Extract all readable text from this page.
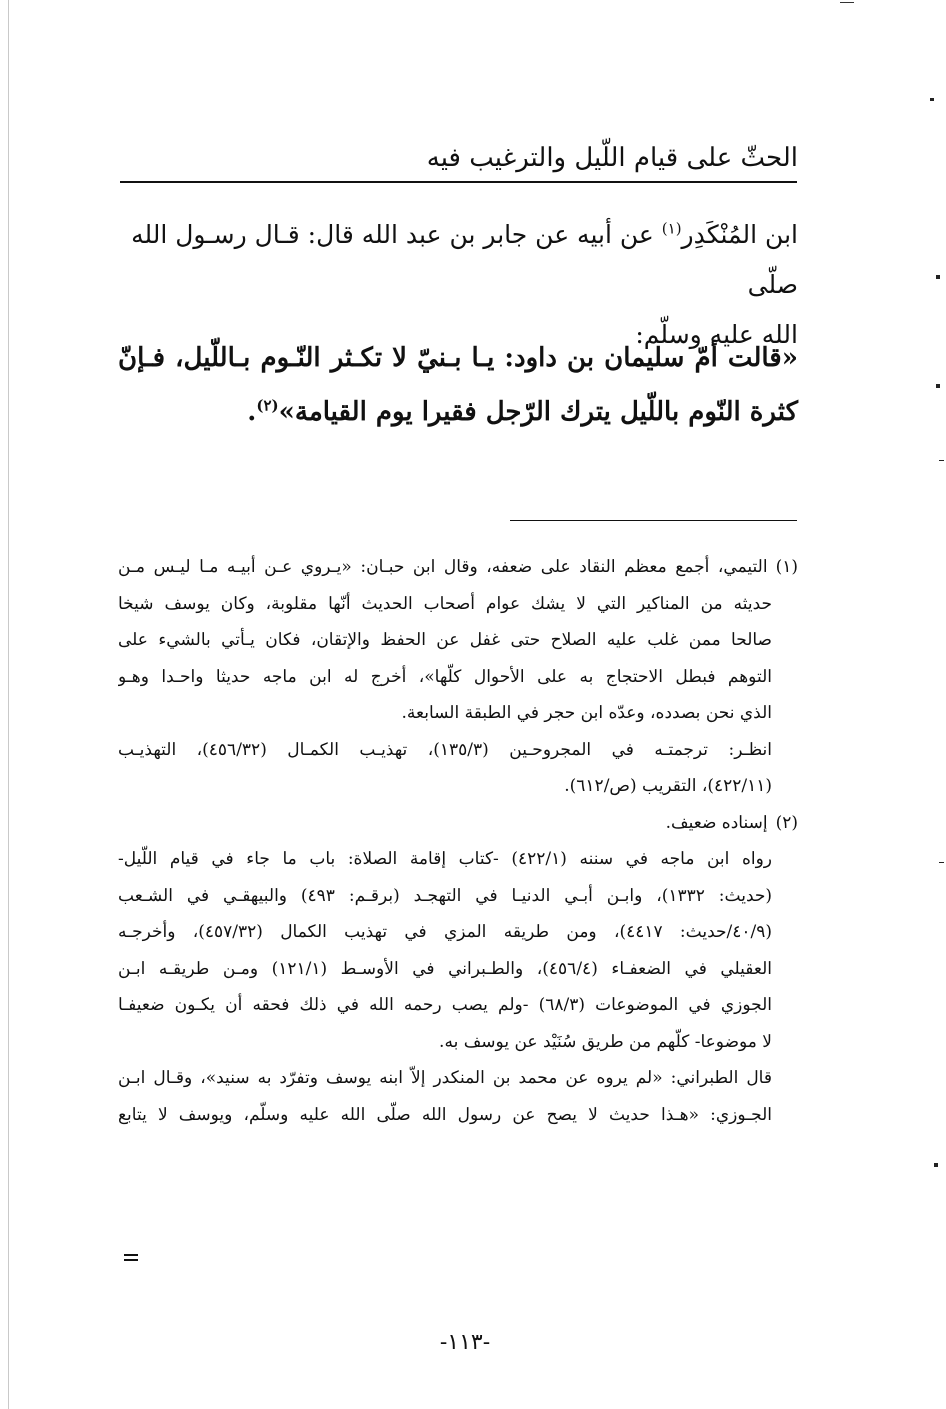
الحثّ على قيام اللّيل والترغيب فيه
ابن المُنْكَدِر$^{(١)}$ عن أبيه عن جابر بن عبد الله قال: قـال رسـول الله صلّى
الله عليه وسلّم:
«قالت أمّ سليمان بن داود: يـا بـنيّ لا تكـثر النّـوم بـاللّيل، فـإنّ
كثرة النّوم باللّيل يترك الرّجل فقيرا يوم القيامة»$^{(٢)}$.
(١)التيمي، أجمع معظم النقاد على ضعفه، وقال ابن حبـان: «يـروي عـن أبيـه مـا ليـس مـن
حديثه من المناكير التي لا يشك عوام أصحاب الحديث أنّها مقلوبة، وكان يوسف شيخا
صالحا ممن غلب عليه الصلاح حتى غفل عن الحفظ والإتقان، فكان يـأتي بالشيء على
التوهم فبطل الاحتجاج به على الأحوال كلّها»، أخرج له ابن ماجه حديثا واحـدا وهـو
الذي نحن بصدده، وعدّه ابن حجر في الطبقة السابعة.
انظـر: ترجمتـه في المجروحـين (١٣٥/٣)، تهذيـب الكمـال (٤٥٦/٣٢)، التهذيـب
(٤٢٢/١١)، التقريب (ص/٦١٢).
(٢)إسناده ضعيف.
رواه ابن ماجه في سننه (٤٢٢/١) -كتاب إقامة الصلاة: باب ما جاء في قيام اللّيل-
(حديث: ١٣٣٢)، وابـن أبـي الدنيـا في التهجـد (برقـم: ٤٩٣) والبيهقـي في الشـعب
(٤٠/٩/حديث: ٤٤١٧)، ومن طريقه المزي في تهذيب الكمال (٤٥٧/٣٢)، وأخرجـه
العقيلي في الضعفـاء (٤٥٦/٤)، والطـبراني في الأوسـط (١٢١/١) ومـن طريقـه ابـن
الجوزي في الموضوعات (٦٨/٣) -ولم يصب رحمه الله في ذلك فحقه أن يكـون ضعيفـا
لا موضوعا- كلّهم من طريق سُنَيْد عن يوسف به.
قال الطبراني: «لم يروه عن محمد بن المنكدر إلاّ ابنه يوسف وتفرّد به سنيد»، وقـال ابـن
الجـوزي: «هـذا حديث لا يصح عن رسول الله صلّى الله عليه وسلّم، ويوسف لا يتابع
-١١٣-
